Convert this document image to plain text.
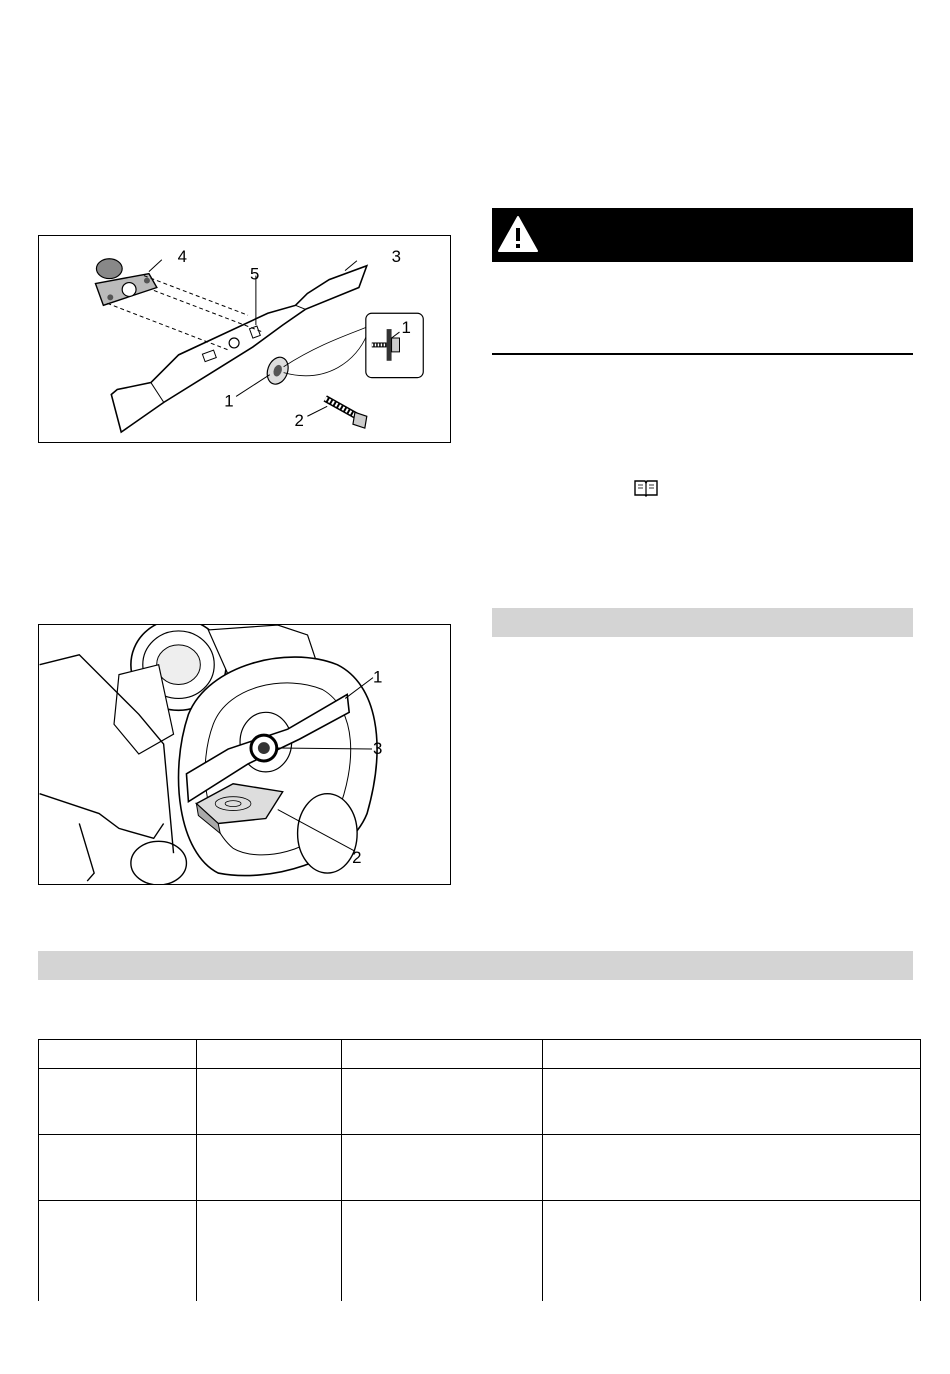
4
5
3
1
2
1
1
3
2
